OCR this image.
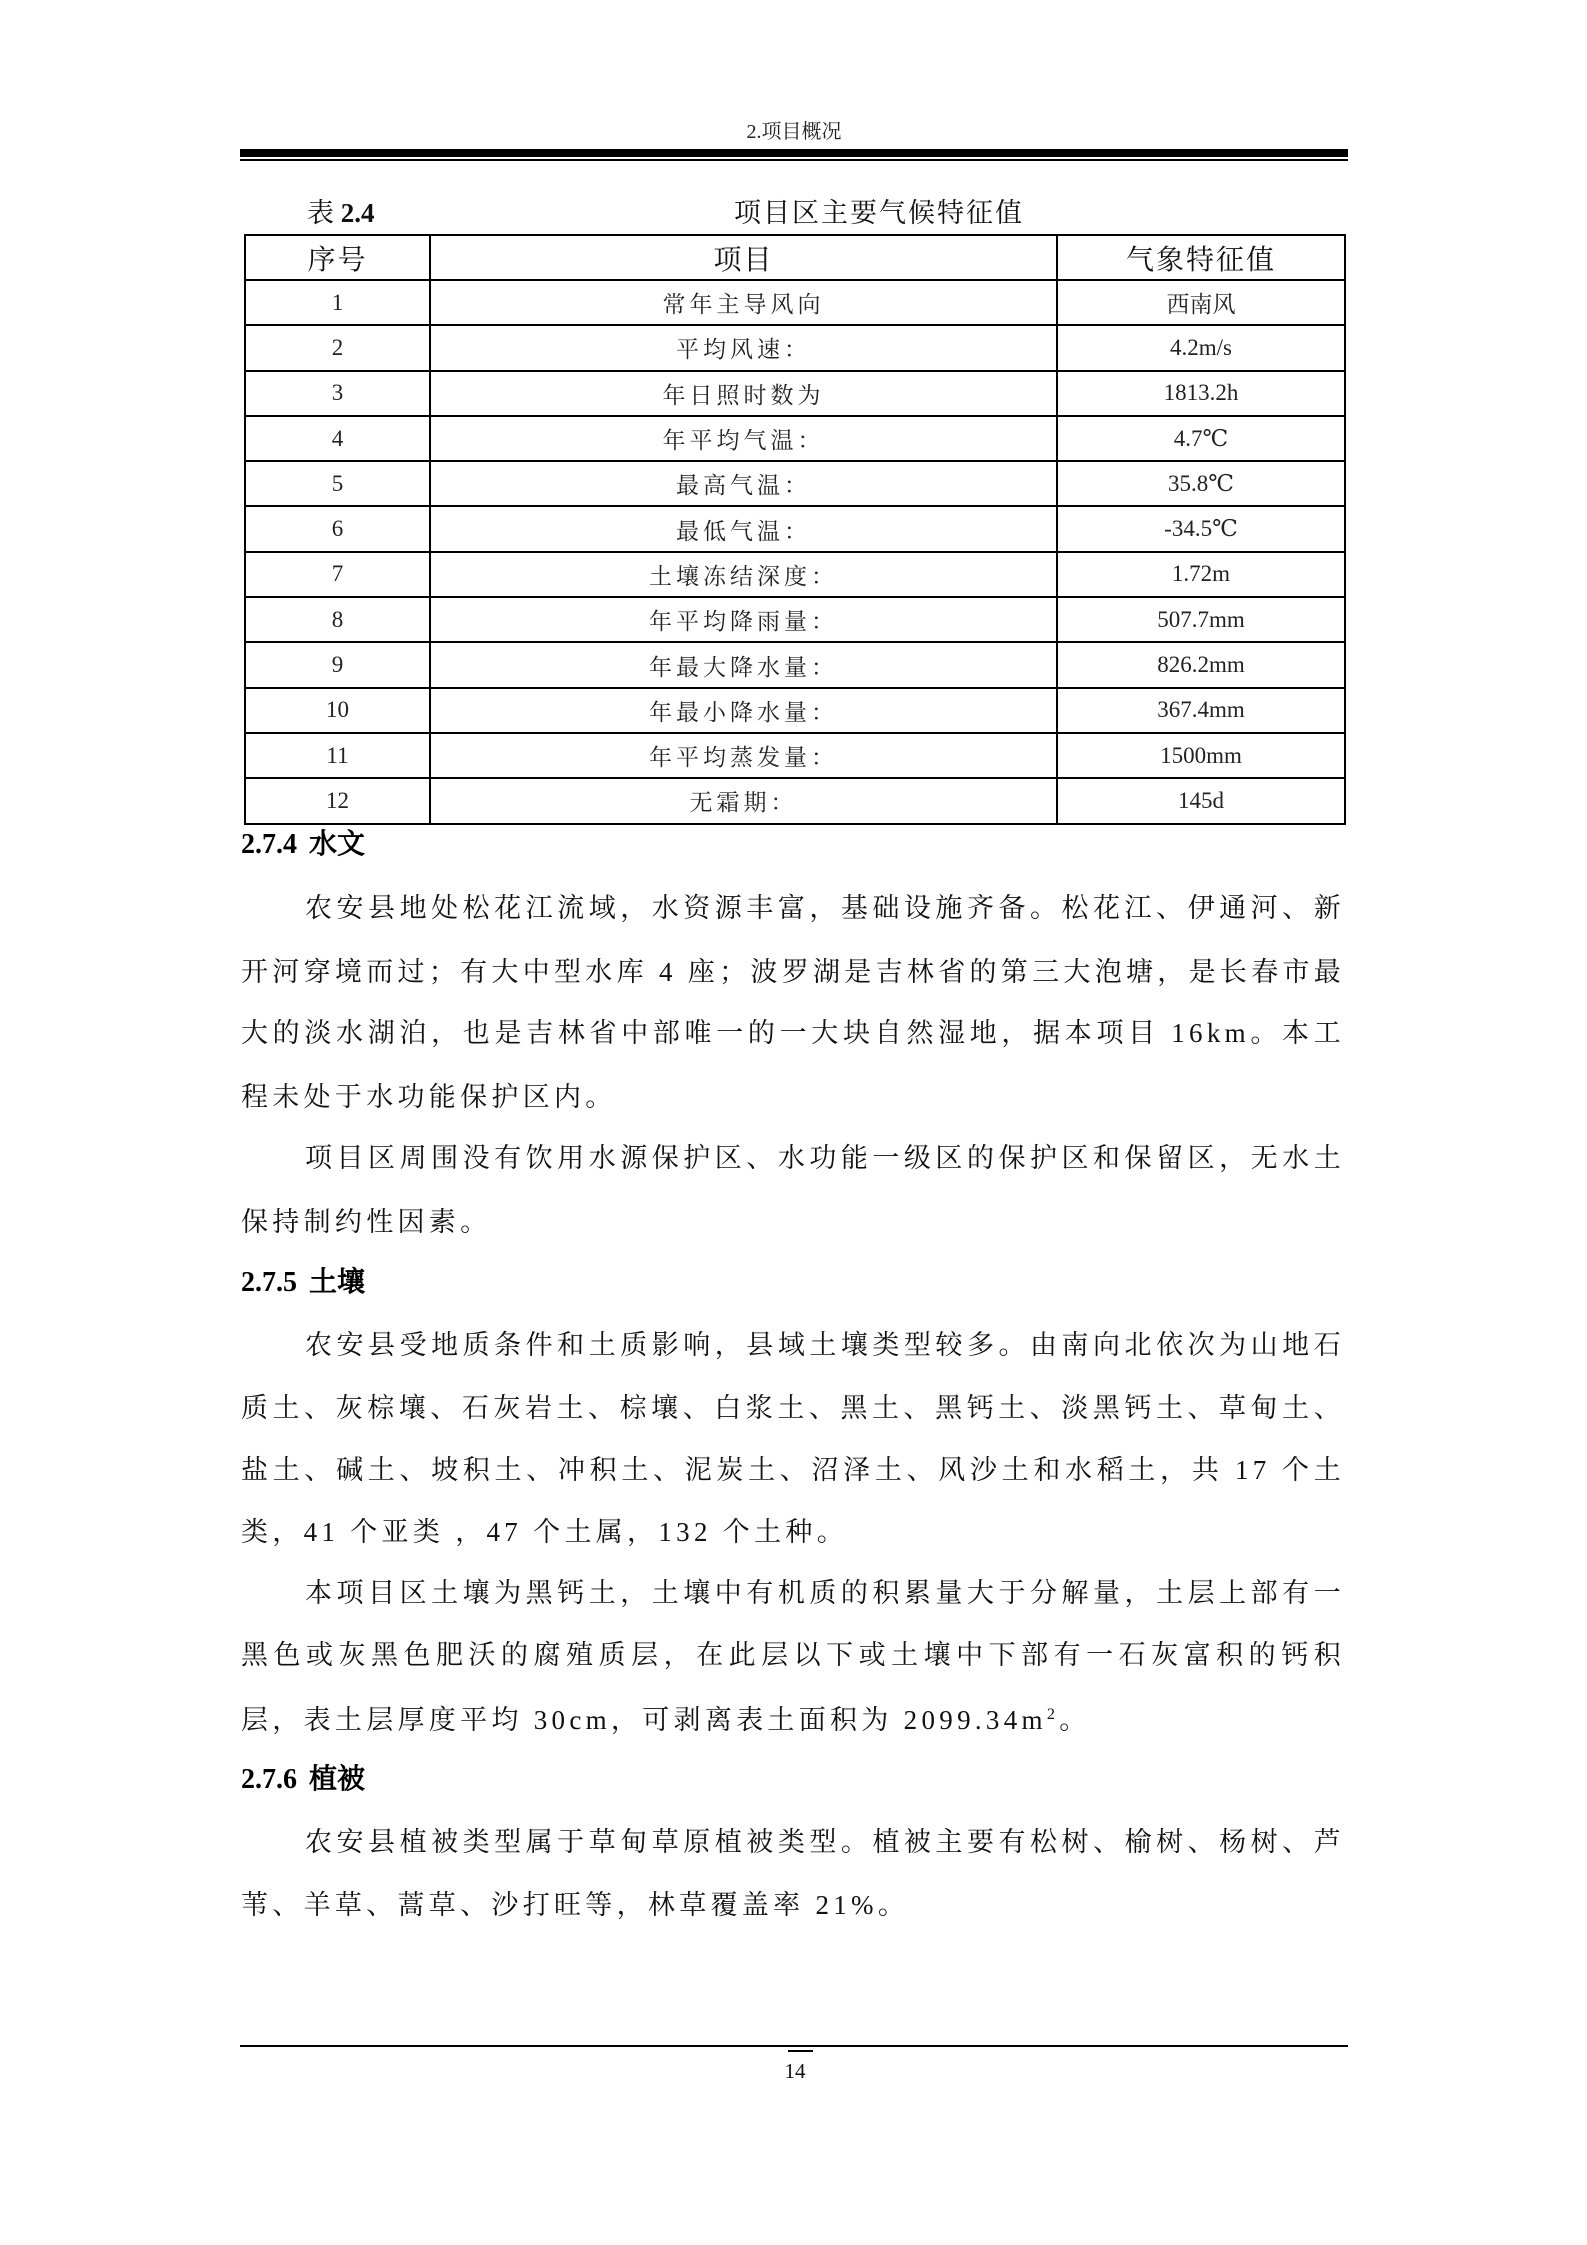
2.项目概况
表 2.4	项目区主要气候特征值
序号	项目	气象特征值
1	常年主导风向	西南风
2	平均风速：	4.2m/s
3	年日照时数为	1813.2h
4	年平均气温：	4.7℃
5	最高气温：	35.8℃
6	最低气温：	-34.5℃
7	土壤冻结深度：	1.72m
8	年平均降雨量：	507.7mm
9	年最大降水量：	826.2mm
10	年最小降水量：	367.4mm
11	年平均蒸发量：	1500mm
12	无霜期：	145d
2.7.4 水文
农安县地处松花江流域，水资源丰富，基础设施齐备。松花江、伊通河、新
开河穿境而过；有大中型水库 4 座；波罗湖是吉林省的第三大泡塘，是长春市最
大的淡水湖泊，也是吉林省中部唯一的一大块自然湿地，据本项目 16km。本工
程未处于水功能保护区内。
项目区周围没有饮用水源保护区、水功能一级区的保护区和保留区，无水土
保持制约性因素。
2.7.5 土壤
农安县受地质条件和土质影响，县域土壤类型较多。由南向北依次为山地石
质土、灰棕壤、石灰岩土、棕壤、白浆土、黑土、黑钙土、淡黑钙土、草甸土、
盐土、碱土、坡积土、冲积土、泥炭土、沼泽土、风沙土和水稻土，共 17 个土
类，41 个亚类 ，47 个土属，132 个土种。
本项目区土壤为黑钙土，土壤中有机质的积累量大于分解量，土层上部有一
黑色或灰黑色肥沃的腐殖质层，在此层以下或土壤中下部有一石灰富积的钙积
层，表土层厚度平均 30cm，可剥离表土面积为 $2099.34m^2$。
2.7.6 植被
农安县植被类型属于草甸草原植被类型。植被主要有松树、榆树、杨树、芦
苇、羊草、蒿草、沙打旺等，林草覆盖率 21%。
14
